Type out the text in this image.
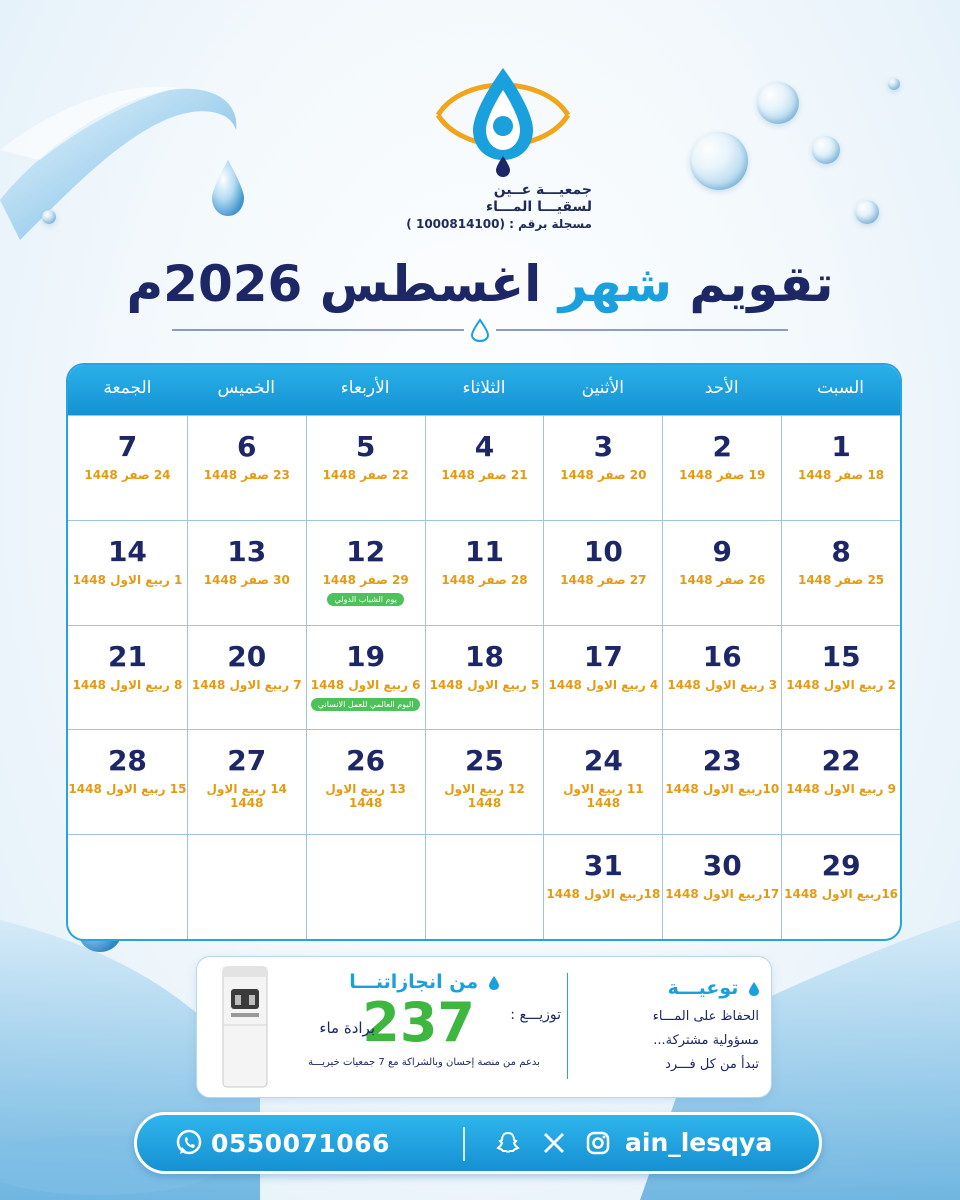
جمعيـــة عــين
لسقيـــا المـــاء
مسجلة برقم : (1000814100 )
تقويم شهر اغسطس 2026م
السبت
الأحد
الأثنين
الثلاثاء
الأربعاء
الخميس
الجمعة
1
18 صفر 1448
2
19 صفر 1448
3
20 صفر 1448
4
21 صفر 1448
5
22 صفر 1448
6
23 صفر 1448
7
24 صفر 1448
8
25 صفر 1448
9
26 صفر 1448
10
27 صفر 1448
11
28 صفر 1448
12
29 صفر 1448
يوم الشباب الدولي
13
30 صفر 1448
14
1 ربيع الاول 1448
15
2 ربيع الاول 1448
16
3 ربيع الاول 1448
17
4 ربيع الاول 1448
18
5 ربيع الاول 1448
19
6 ربيع الاول 1448
اليوم العالمي للعمل الانساني
20
7 ربيع الاول 1448
21
8 ربيع الاول 1448
22
9 ربيع الاول 1448
23
10ربيع الاول 1448
24
11 ربيع الاول 1448
25
12 ربيع الاول 1448
26
13 ربيع الاول 1448
27
14 ربيع الاول 1448
28
15 ربيع الاول 1448
29
16ربيع الاول 1448
30
17ربيع الاول 1448
31
18ربيع الاول 1448
توعيـــة
الحفاظ على المـــاء
مسؤولية مشتركة...
تبدأ من كل فـــرد
من انجازاتنـــا
توزيـــع :
237
برادة ماء
بدعم من منصة إحسان وبالشراكة مع 7 جمعيات خيريـــة
0550071066	ain_lesqya
